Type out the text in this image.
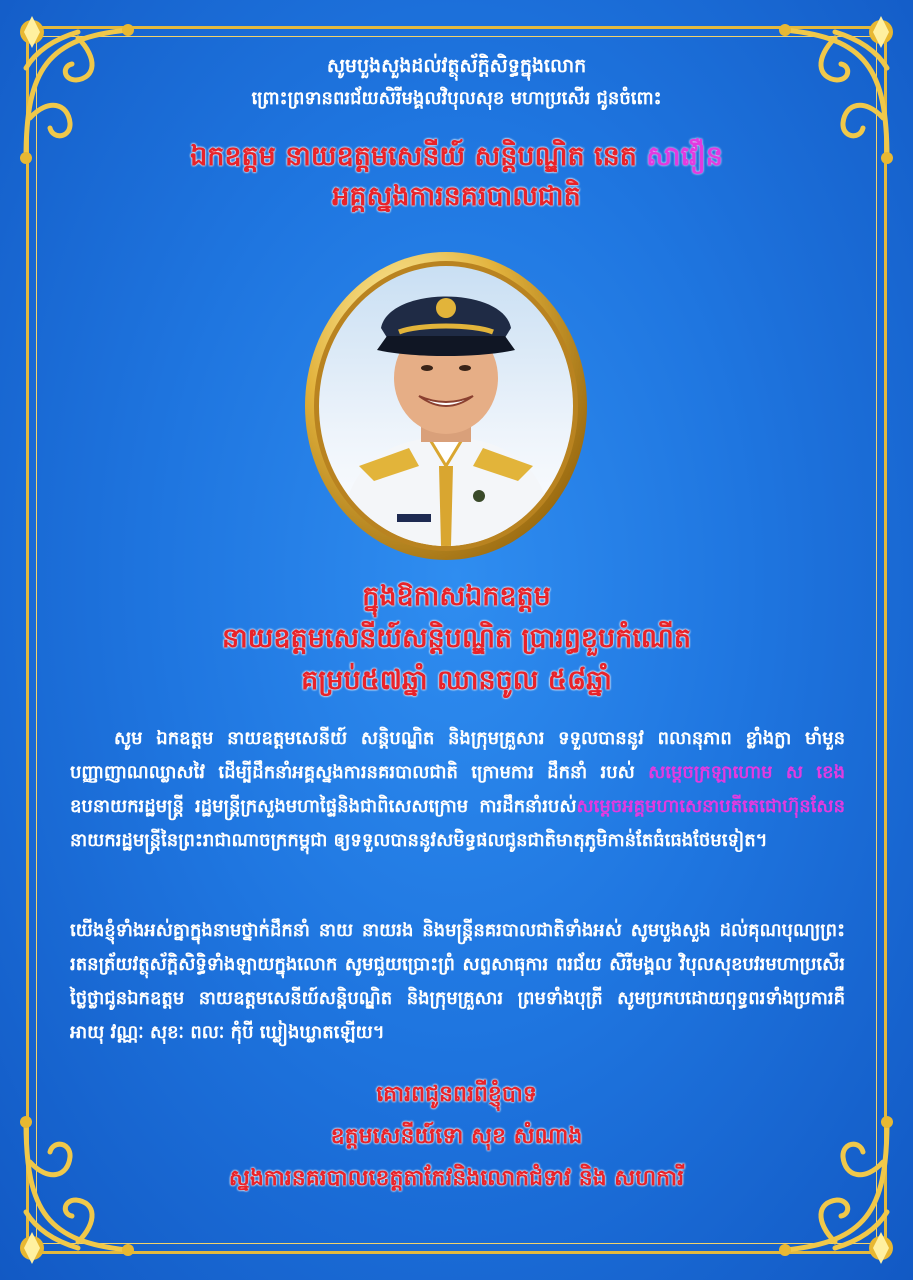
សូមបួងសួងដល់វត្ថុស័ក្តិសិទ្ធក្នុងលោក
ព្រោះព្រទានពរជ័យសិរីមង្គលវិបុលសុខ មហាប្រសើរ ជូនចំពោះ
ឯកឧត្តម នាយឧត្តមសេនីយ៍ សន្តិបណ្ឌិត នេត សាវឿន
អគ្គស្នងការនគរបាលជាតិ
ក្នុងឱកាសឯកឧត្តម
នាយឧត្តមសេនីយ៍សន្តិបណ្ឌិត ប្រារព្ធខួបកំណើត
គម្រប់៥៧ឆ្នាំ ឈានចូល ៥៨ឆ្នាំ
សូម ឯកឧត្តម នាយឧត្តមសេនីយ៍ សន្តិបណ្ឌិត និងក្រុមគ្រួសារ ទទួលបាននូវ ពលានុភាព ខ្លាំងក្លា មាំមួន បញ្ញាញាណឈ្លាសវៃ ដើម្បីដឹកនាំអគ្គស្នងការនគរបាលជាតិ ក្រោមការ ដឹកនាំ របស់ សម្តេចក្រឡាហោម ស ខេង ឧបនាយករដ្ឋមន្ត្រី រដ្ឋមន្ត្រីក្រសួងមហាផ្ទៃនិងជាពិសេសក្រោម ការដឹកនាំរបស់សម្តេចអគ្គមហាសេនាបតីតេជោហ៊ុនសែននាយករដ្ឋមន្ត្រីនៃព្រះរាជាណាចក្រកម្ពុជា ឲ្យទទួលបាននូវសមិទ្ធផលជូនជាតិមាតុភូមិកាន់តែធំធេងថែមទៀត។
យើងខ្ញុំទាំងអស់គ្នាក្នុងនាមថ្នាក់ដឹកនាំ នាយ នាយរង និងមន្ត្រីនគរបាលជាតិទាំងអស់ សូមបួងសួង ដល់គុណបុណ្យព្រះ រតនត្រ័យវត្ថុស័ក្តិសិទ្ធិទាំងឡាយក្នុងលោក សូមជួយប្រោះព្រំ សព្ទសាធុការ ពរជ័យ សិរីមង្គល វិបុលសុខបវរមហាប្រសើរថ្លៃថ្លាជូនឯកឧត្តម នាយឧត្តមសេនីយ៍សន្តិបណ្ឌិត និងក្រុមគ្រួសារ ព្រមទាំងបុត្រី សូមប្រកបដោយពុទ្ធពរទាំងប្រការគឺ អាយុ វណ្ណៈ សុខៈ ពលៈ កុំបី ឃ្លៀងឃ្លាតឡើយ។
គោរពជូនពរពីខ្ញុំបាទ
ឧត្តមសេនីយ៍ទោ សុខ សំណាង
ស្នងការនគរបាលខេត្តតាកែវនិងលោកជំទាវ និង សហការី
